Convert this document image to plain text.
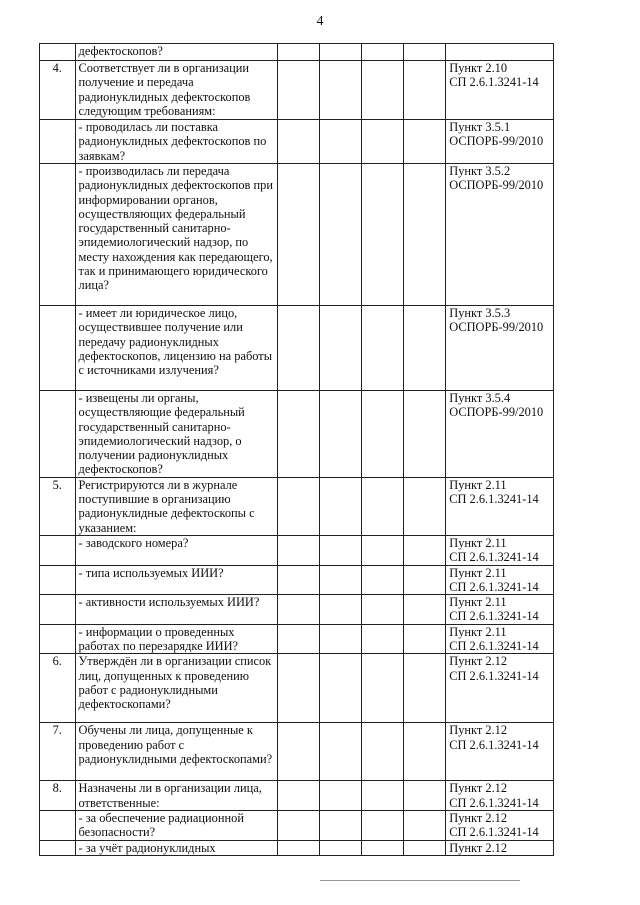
4
	дефектоскопов?					

4.	Соответствует ли в организации получение и передача радионуклидных дефектоскопов следующим требованиям:					Пункт 2.10
СП 2.6.1.3241-14

	- проводилась ли поставка радионуклидных дефектоскопов по заявкам?					Пункт 3.5.1
ОСПОРБ-99/2010

	- производилась ли передача радионуклидных дефектоскопов при информировании органов, осуществляющих федеральный государственный санитарно-эпидемиологический надзор, по месту нахождения как передающего, так и принимающего юридического лица?					Пункт 3.5.2
ОСПОРБ-99/2010

	- имеет ли юридическое лицо, осуществившее получение или передачу радионуклидных дефектоскопов, лицензию на работы с источниками излучения?					Пункт 3.5.3
ОСПОРБ-99/2010

	- извещены ли органы, осуществляющие федеральный государственный санитарно-эпидемиологический надзор, о получении радионуклидных дефектоскопов?					Пункт 3.5.4
ОСПОРБ-99/2010

5.	Регистрируются ли в журнале поступившие в организацию радионуклидные дефектоскопы с указанием:					Пункт 2.11
СП 2.6.1.3241-14

	- заводского номера?					Пункт 2.11
СП 2.6.1.3241-14

	- типа используемых ИИИ?					Пункт 2.11
СП 2.6.1.3241-14

	- активности используемых ИИИ?					Пункт 2.11
СП 2.6.1.3241-14

	- информации о проведенных работах по перезарядке ИИИ?					Пункт 2.11
СП 2.6.1.3241-14

6.	Утверждён ли в организации список лиц, допущенных к проведению работ с радионуклидными дефектоскопами?					Пункт 2.12
СП 2.6.1.3241-14

7.	Обучены ли лица, допущенные к проведению работ с радионуклидными дефектоскопами?					Пункт 2.12
СП 2.6.1.3241-14

8.	Назначены ли в организации лица, ответственные:					Пункт 2.12
СП 2.6.1.3241-14

	- за обеспечение радиационной безопасности?					Пункт 2.12
СП 2.6.1.3241-14

	- за учёт радионуклидных					Пункт 2.12
